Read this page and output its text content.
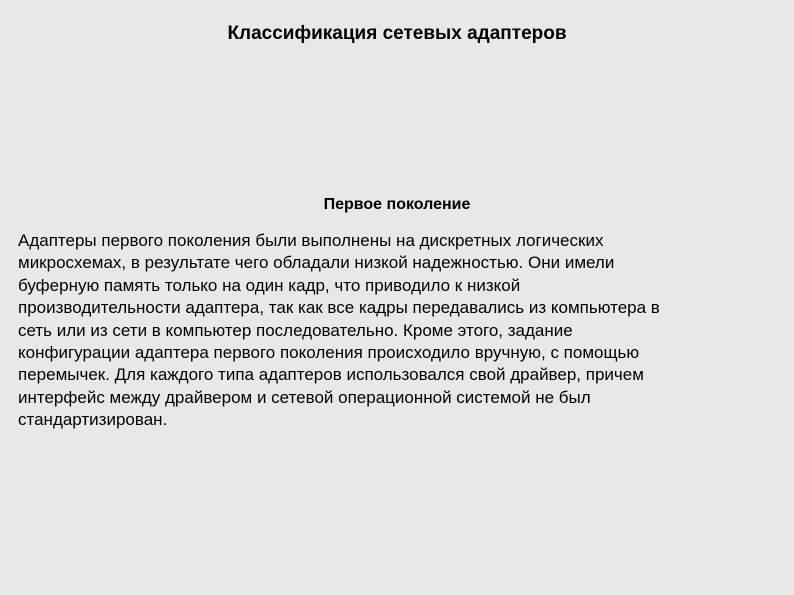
Классификация сетевых адаптеров
Первое поколение
Адаптеры первого поколения были выполнены на дискретных логических
микросхемах, в результате чего обладали низкой надежностью. Они имели
буферную память только на один кадр, что приводило к низкой
производительности адаптера, так как все кадры передавались из компьютера в
сеть или из сети в компьютер последовательно. Кроме этого, задание
конфигурации адаптера первого поколения происходило вручную, с помощью
перемычек. Для каждого типа адаптеров использовался свой драйвер, причем
интерфейс между драйвером и сетевой операционной системой не был
стандартизирован.
